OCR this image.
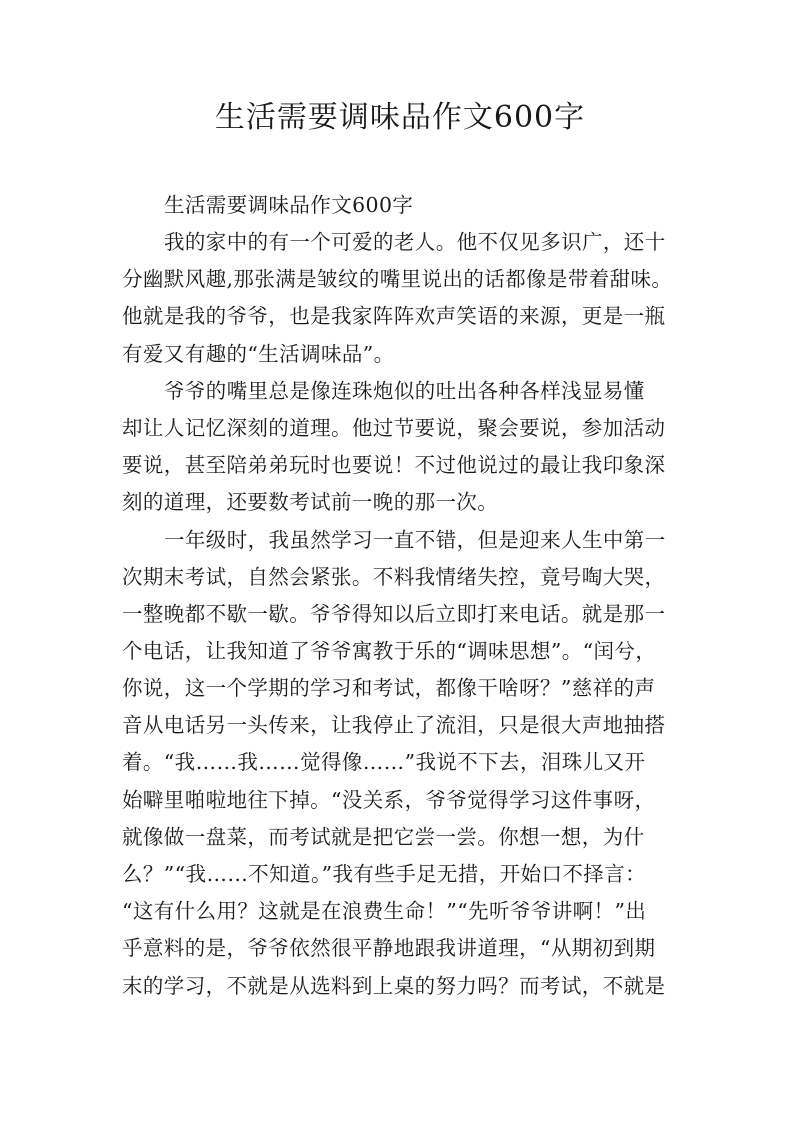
生活需要调味品作文600字
生活需要调味品作文600字
我的家中的有一个可爱的老人。他不仅见多识广，还十
分幽默风趣,那张满是皱纹的嘴里说出的话都像是带着甜味。
他就是我的爷爷，也是我家阵阵欢声笑语的来源，更是一瓶
有爱又有趣的“生活调味品”。
爷爷的嘴里总是像连珠炮似的吐出各种各样浅显易懂
却让人记忆深刻的道理。他过节要说，聚会要说，参加活动
要说，甚至陪弟弟玩时也要说！不过他说过的最让我印象深
刻的道理，还要数考试前一晚的那一次。
一年级时，我虽然学习一直不错，但是迎来人生中第一
次期末考试，自然会紧张。不料我情绪失控，竟号啕大哭，
一整晚都不歇一歇。爷爷得知以后立即打来电话。就是那一
个电话，让我知道了爷爷寓教于乐的“调味思想”。“闰兮，
你说，这一个学期的学习和考试，都像干啥呀？”慈祥的声
音从电话另一头传来，让我停止了流泪，只是很大声地抽搭
着。“我……我……觉得像……”我说不下去，泪珠儿又开
始噼里啪啦地往下掉。“没关系，爷爷觉得学习这件事呀，
就像做一盘菜，而考试就是把它尝一尝。你想一想，为什
么？”“我……不知道。”我有些手足无措，开始口不择言：
“这有什么用？这就是在浪费生命！”“先听爷爷讲啊！”出
乎意料的是，爷爷依然很平静地跟我讲道理，“从期初到期
末的学习，不就是从选料到上桌的努力吗？而考试，不就是
